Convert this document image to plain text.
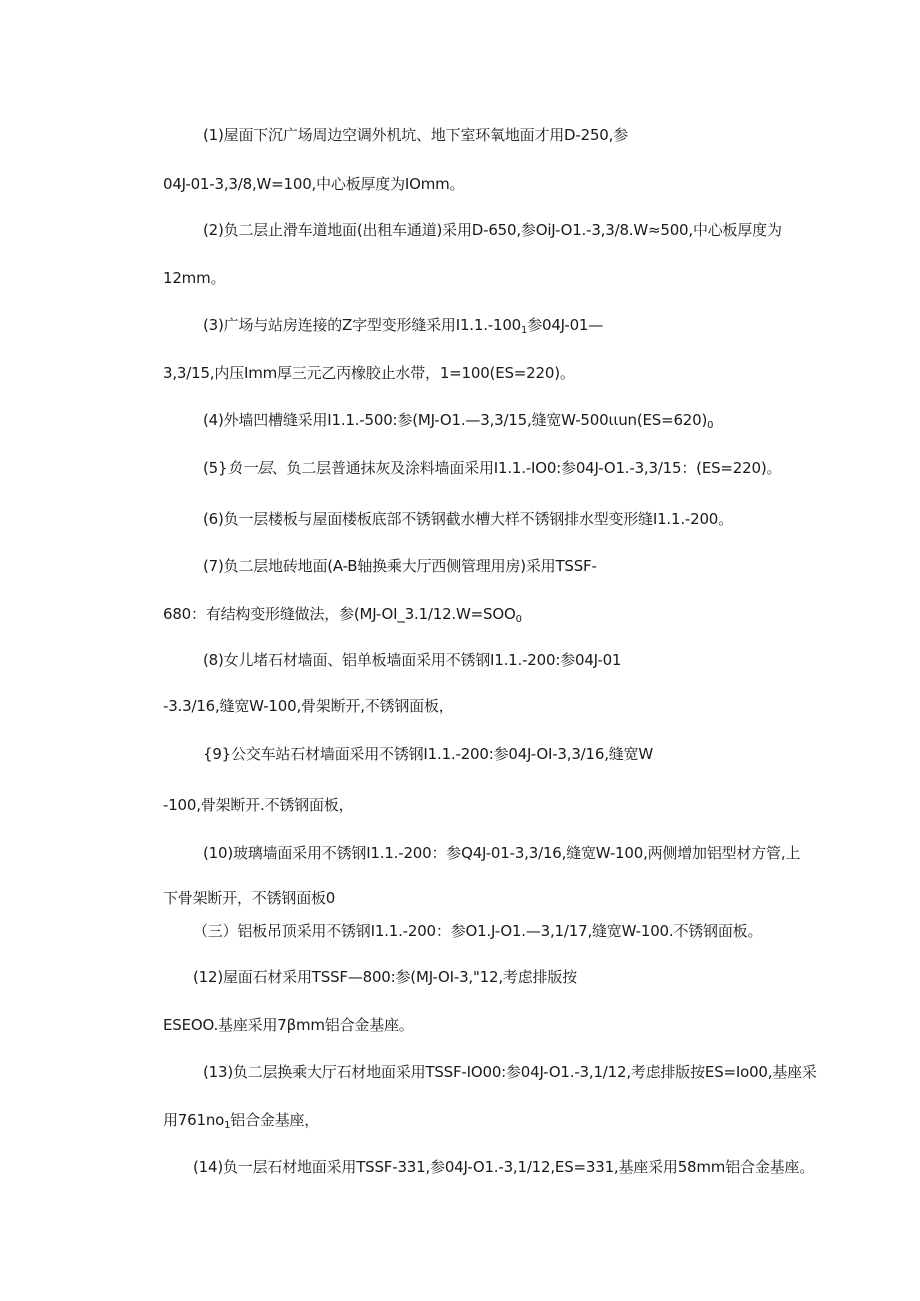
(1)屋面下沉广场周边空调外机坑、地下室环氧地面才用D-250,参
04J-01-3,3/8,W=100,中心板厚度为IOmm。
(2)负二层止滑车道地面(出租车通道)采用D-650,参OiJ-O1.-3,3/8.W≈500,中心板厚度为
12mm。
(3)广场与站房连接的Z字型变形缝采用$I1.1.-100_1$参04J-01—
3,3/15,内压Imm厚三元乙丙橡胶止水带，1=100(ES=220)。
(4)外墙凹槽缝采用I1.1.-500:参(MJ-O1.—3,3/15,缝宽$W-500\iota\iota un(ES=620)_0$
(5}负一层、负二层普通抹灰及涂料墙面采用I1.1.-IO0:参04J-O1.-3,3/15：(ES=220)。
(6)负一层楼板与屋面楼板底部不锈钢截水槽大样不锈钢排水型变形缝I1.1.-200。
(7)负二层地砖地面(A-B轴换乘大厅西侧管理用房)采用TSSF-
680：有结构变形缝做法，参($MJ-OI\_3.1/12.W=SOO_0$
(8)女儿堵石材墙面、铝单板墙面采用不锈钢I1.1.-200:参04J-01
-3.3/16,缝宽W-100,骨架断开,不锈钢面板，
{9}公交车站石材墙面采用不锈钢I1.1.-200:参04J-OI-3,3/16,缝宽W
-100,骨架断开.不锈钢面板，
(10)玻璃墙面采用不锈钢I1.1.-200：参Q4J-01-3,3/16,缝宽W-100,两侧增加铝型材方管,上
下骨架断开，不锈钢面板0
（三）铝板吊顶采用不锈钢I1.1.-200：参O1.J-O1.—3,1/17,缝宽W-100.不锈钢面板。
(12)屋面石材采用TSSF—800:参(MJ-OI-3,"12,考虑排版按
ESEOO.基座采用7βmm铝合金基座。
(13)负二层换乘大厅石材地面采用TSSF-IO00:参04J-O1.-3,1/12,考虑排版按ES=Io00,基座采
用$761no_1$铝合金基座，
(14)负一层石材地面采用TSSF-331,参04J-O1.-3,1/12,ES=331,基座采用58mm铝合金基座。
